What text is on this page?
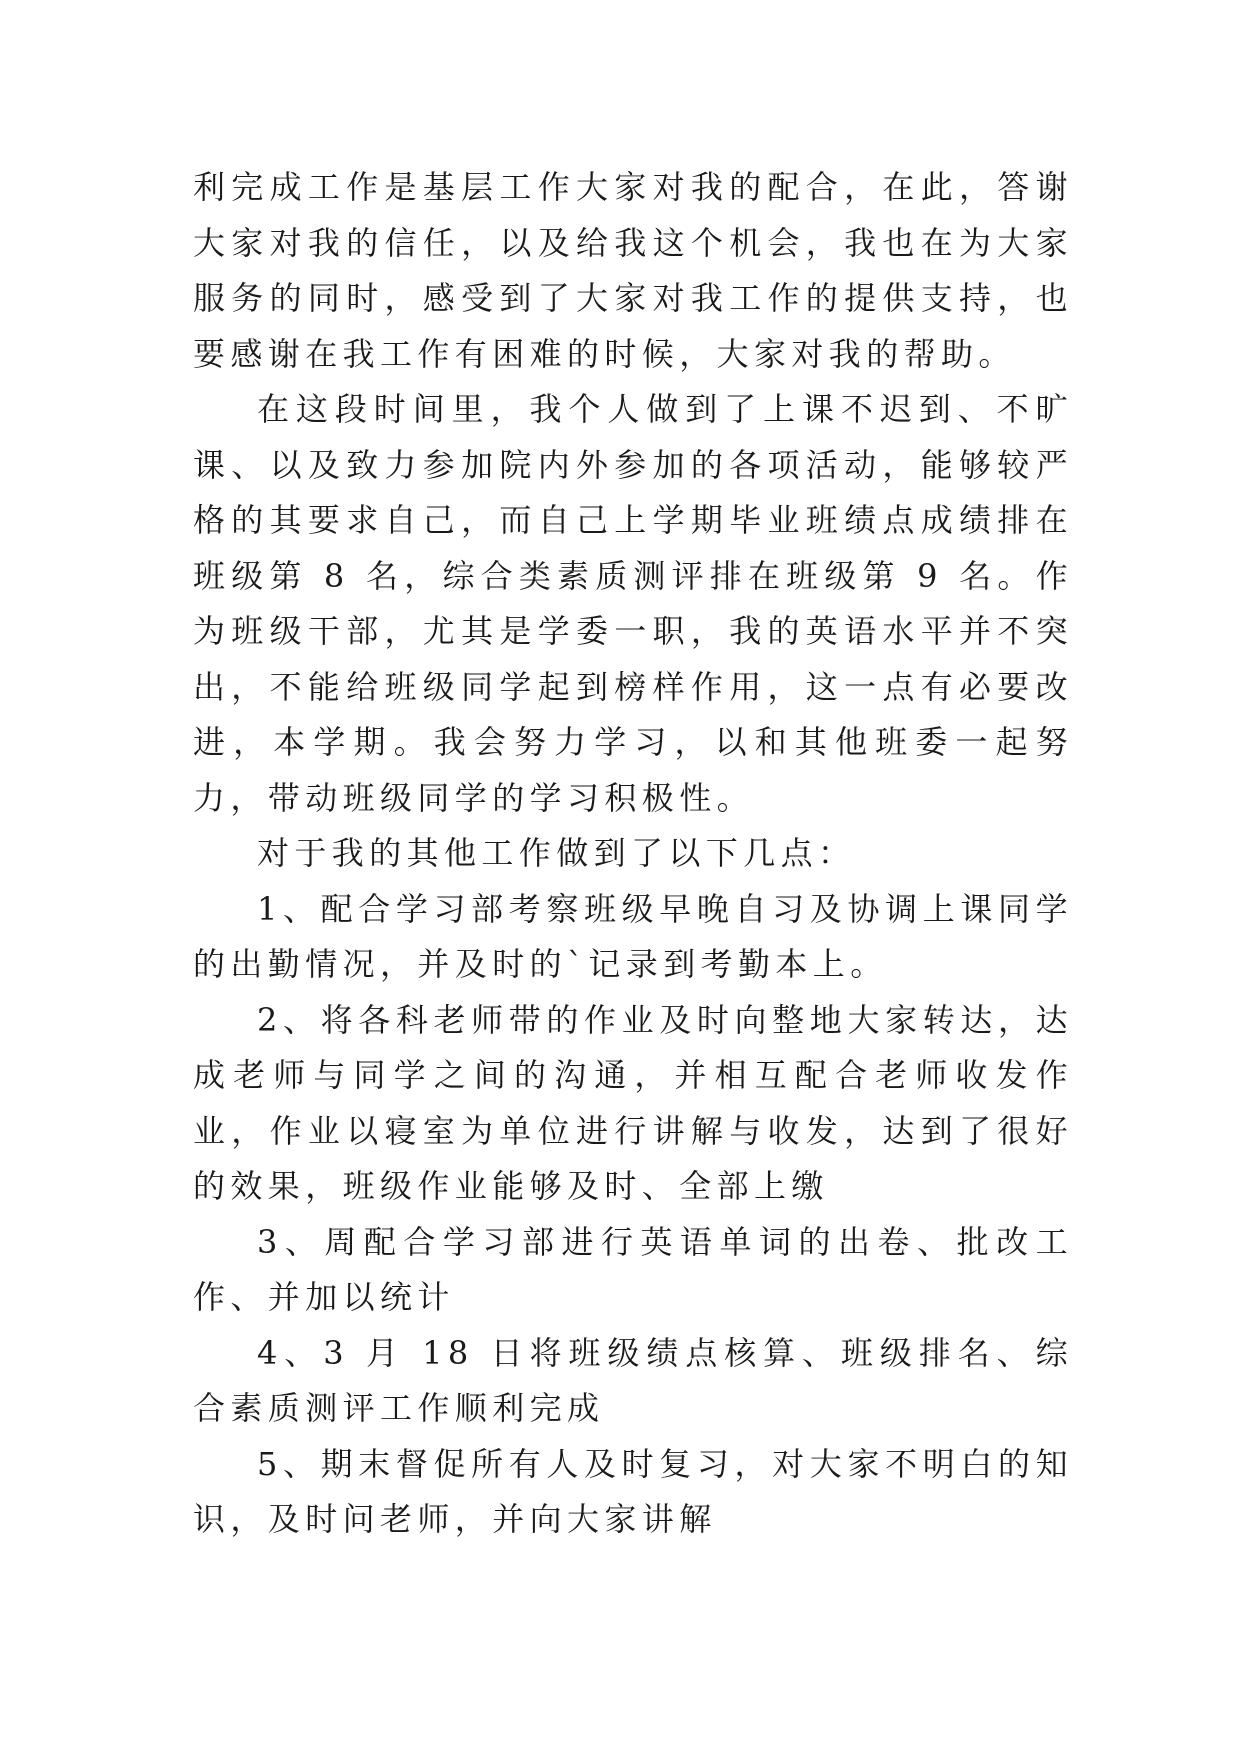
利完成工作是基层工作大家对我的配合，在此，答谢大家对我的信任，以及给我这个机会，我也在为大家服务的同时，感受到了大家对我工作的提供支持，也要感谢在我工作有困难的时候，大家对我的帮助。

在这段时间里，我个人做到了上课不迟到、不旷课、以及致力参加院内外参加的各项活动，能够较严格的其要求自己，而自己上学期毕业班绩点成绩排在班级第 8 名，综合类素质测评排在班级第 9 名。作为班级干部，尤其是学委一职，我的英语水平并不突出，不能给班级同学起到榜样作用，这一点有必要改进，本学期。我会努力学习，以和其他班委一起努力，带动班级同学的学习积极性。

对于我的其他工作做到了以下几点：

1、配合学习部考察班级早晚自习及协调上课同学的出勤情况，并及时的`记录到考勤本上。

2、将各科老师带的作业及时向整地大家转达，达成老师与同学之间的沟通，并相互配合老师收发作业，作业以寝室为单位进行讲解与收发，达到了很好的效果，班级作业能够及时、全部上缴

3、周配合学习部进行英语单词的出卷、批改工作、并加以统计

4、3 月 18 日将班级绩点核算、班级排名、综合素质测评工作顺利完成

5、期末督促所有人及时复习，对大家不明白的知识，及时问老师，并向大家讲解
